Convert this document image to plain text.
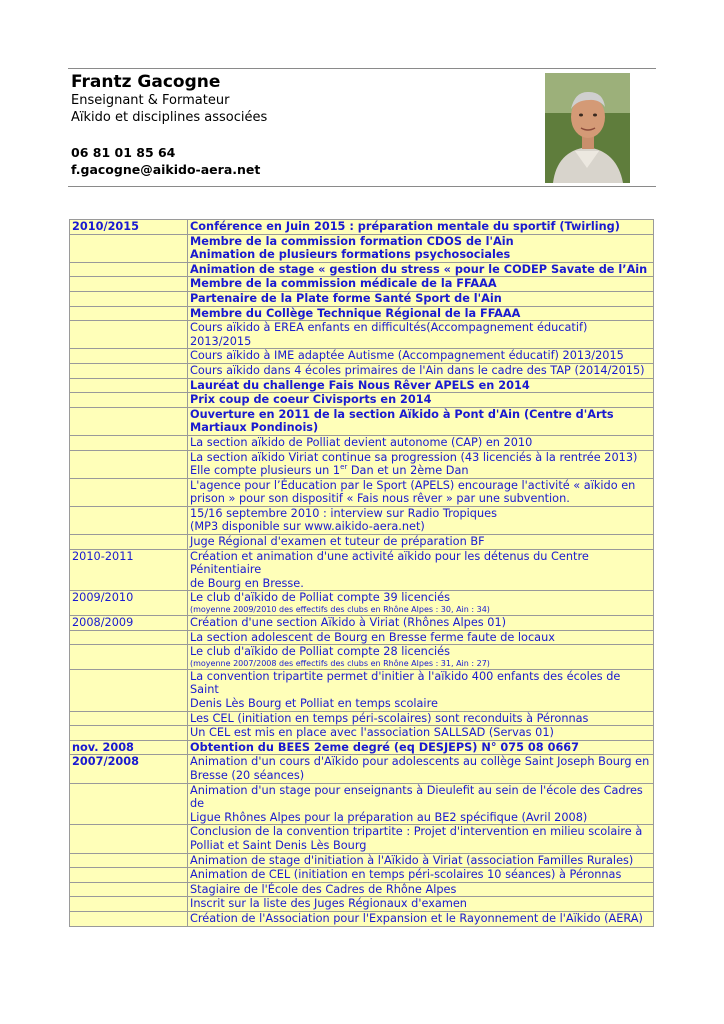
Frantz Gacogne
Enseignant & Formateur
Aïkido et disciplines associées
06 81 01 85 64
f.gacogne@aikido-aera.net
2010/2015	Conférence en Juin 2015 : préparation mentale du sportif (Twirling)

	Membre de la commission formation CDOS de l'Ain
Animation de plusieurs formations psychosociales

	Animation de stage « gestion du stress « pour le CODEP Savate de l’Ain

	Membre de la commission médicale de la FFAAA

	Partenaire de la Plate forme Santé Sport de l'Ain

	Membre du Collège Technique Régional de la FFAAA

	Cours aïkido à EREA enfants en difficultés(Accompagnement éducatif) 2013/2015

	Cours aïkido à IME adaptée Autisme (Accompagnement éducatif) 2013/2015

	Cours aïkido dans 4 écoles primaires de l'Ain dans le cadre des TAP (2014/2015)

	Lauréat du challenge Fais Nous Rêver APELS en 2014

	Prix coup de coeur Civisports en 2014

	Ouverture en 2011 de la section Aïkido à Pont d'Ain (Centre d'Arts
Martiaux Pondinois)

	La section aïkido de Polliat devient autonome (CAP) en 2010

	La section aïkido Viriat continue sa progression (43 licenciés à la rentrée 2013)
Elle compte plusieurs un 1er Dan et un 2ème Dan

	L'agence pour l’Éducation par le Sport (APELS) encourage l'activité « aïkido en
prison » pour son dispositif « Fais nous rêver » par une subvention.

	15/16 septembre 2010 : interview sur Radio Tropiques
(MP3 disponible sur www.aikido-aera.net)

	Juge Régional d'examen et tuteur de préparation BF

2010-2011	Création et animation d'une activité aïkido pour les détenus du Centre Pénitentiaire
de Bourg en Bresse.

2009/2010	Le club d'aïkido de Polliat compte 39 licenciés
(moyenne 2009/2010 des effectifs des clubs en Rhône Alpes : 30, Ain : 34)

2008/2009	Création d'une section Aïkido à Viriat (Rhônes Alpes 01)

	La section adolescent de Bourg en Bresse ferme faute de locaux

	Le club d'aïkido de Polliat compte 28 licenciés
(moyenne 2007/2008 des effectifs des clubs en Rhône Alpes : 31, Ain : 27)

	La convention tripartite permet d'initier à l'aïkido 400 enfants des écoles de Saint
Denis Lès Bourg et Polliat en temps scolaire

	Les CEL (initiation en temps péri-scolaires) sont reconduits à Péronnas

	Un CEL est mis en place avec l'association SALLSAD (Servas 01)

nov. 2008	Obtention du BEES 2eme degré (eq DESJEPS) N° 075 08 0667

2007/2008	Animation d'un cours d'Aïkido pour adolescents au collège Saint Joseph Bourg en
Bresse (20 séances)

	Animation d'un stage pour enseignants à Dieulefit au sein de l'école des Cadres de
Ligue Rhônes Alpes pour la préparation au BE2 spécifique (Avril 2008)

	Conclusion de la convention tripartite : Projet d'intervention en milieu scolaire à
Polliat et Saint Denis Lès Bourg

	Animation de stage d'initiation à l'Aïkido à Viriat (association Familles Rurales)

	Animation de CEL (initiation en temps péri-scolaires 10 séances) à Péronnas

	Stagiaire de l'École des Cadres de Rhône Alpes

	Inscrit sur la liste des Juges Régionaux d'examen

	Création de l'Association pour l'Expansion et le Rayonnement de l'Aïkido (AERA)
